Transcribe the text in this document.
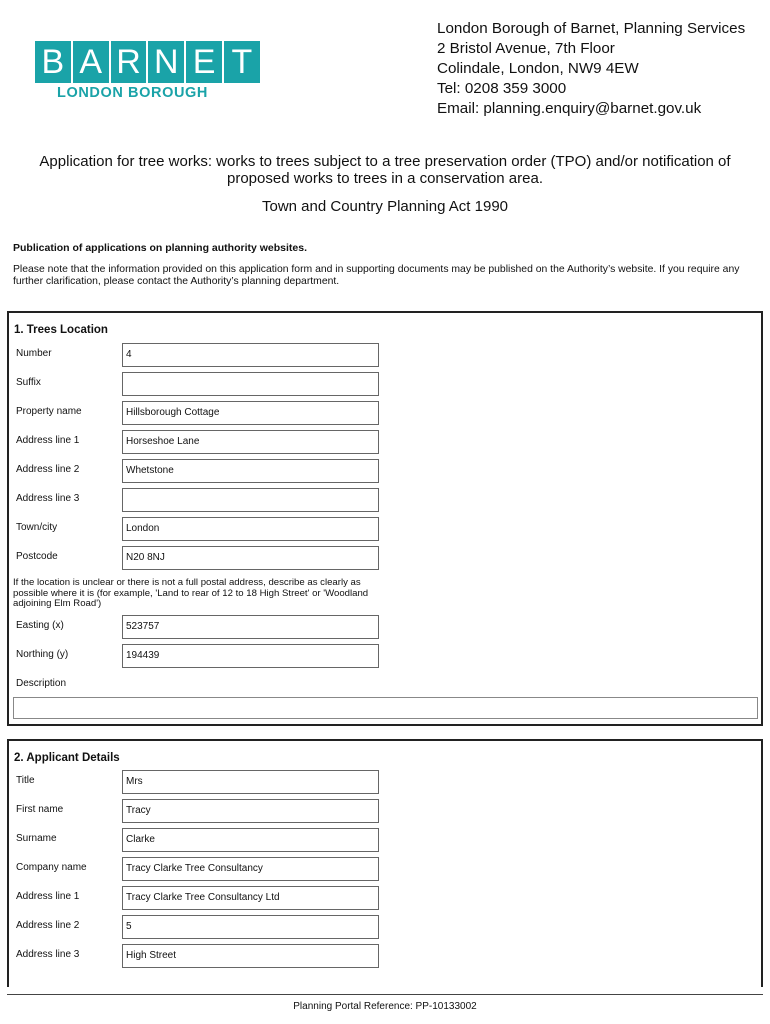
B A R N E T
LONDON BOROUGH
London Borough of Barnet, Planning Services
2 Bristol Avenue, 7th Floor
Colindale, London, NW9 4EW
Tel: 0208 359 3000
Email: planning.enquiry@barnet.gov.uk
Application for tree works: works to trees subject to a tree preservation order (TPO) and/or notification of proposed works to trees in a conservation area.
Town and Country Planning Act 1990
Publication of applications on planning authority websites.
Please note that the information provided on this application form and in supporting documents may be published on the Authority’s website. If you require any further clarification, please contact the Authority’s planning department.
1. Trees Location
Number	4
Suffix
Property name	Hillsborough Cottage
Address line 1	Horseshoe Lane
Address line 2	Whetstone
Address line 3
Town/city	London
Postcode	N20 8NJ
If the location is unclear or there is not a full postal address, describe as clearly as possible where it is (for example, 'Land to rear of 12 to 18 High Street' or 'Woodland adjoining Elm Road')
Easting (x)	523757
Northing (y)	194439
Description
2. Applicant Details
Title	Mrs
First name	Tracy
Surname	Clarke
Company name	Tracy Clarke Tree Consultancy
Address line 1	Tracy Clarke Tree Consultancy Ltd
Address line 2	5
Address line 3	High Street
Planning Portal Reference: PP-10133002
